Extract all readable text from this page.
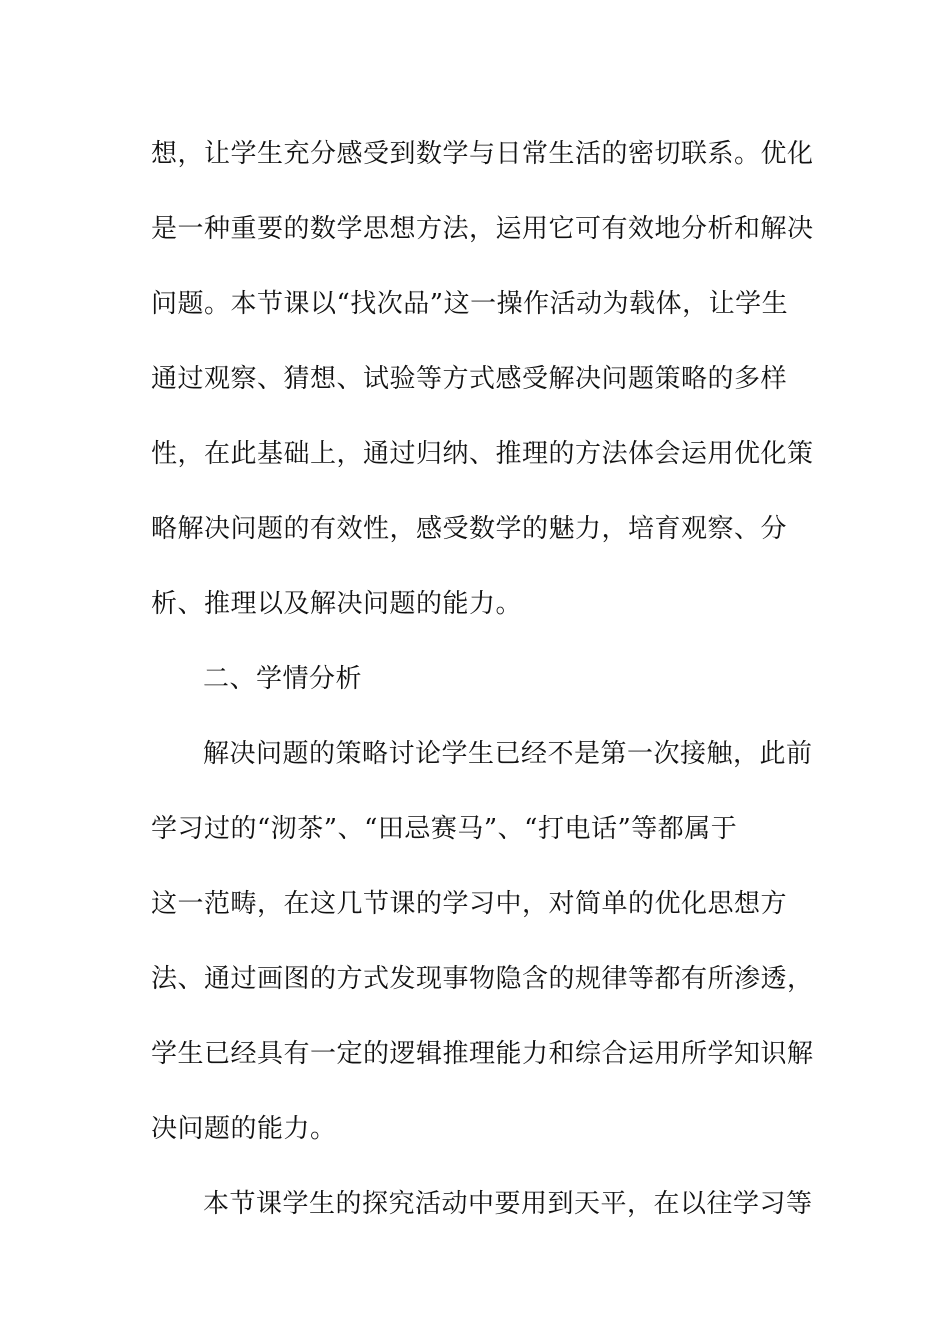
想，让学生充分感受到数学与日常生活的密切联系。优化
是一种重要的数学思想方法，运用它可有效地分析和解决
问题。本节课以“找次品”这一操作活动为载体，让学生
通过观察、猜想、试验等方式感受解决问题策略的多样
性，在此基础上，通过归纳、推理的方法体会运用优化策
略解决问题的有效性，感受数学的魅力，培育观察、分
析、推理以及解决问题的能力。
二、学情分析
解决问题的策略讨论学生已经不是第一次接触，此前
学习过的“沏茶”、“田忌赛马”、“打电话”等都属于
这一范畴，在这几节课的学习中，对简单的优化思想方
法、通过画图的方式发现事物隐含的规律等都有所渗透，
学生已经具有一定的逻辑推理能力和综合运用所学知识解
决问题的能力。
本节课学生的探究活动中要用到天平，在以往学习等
